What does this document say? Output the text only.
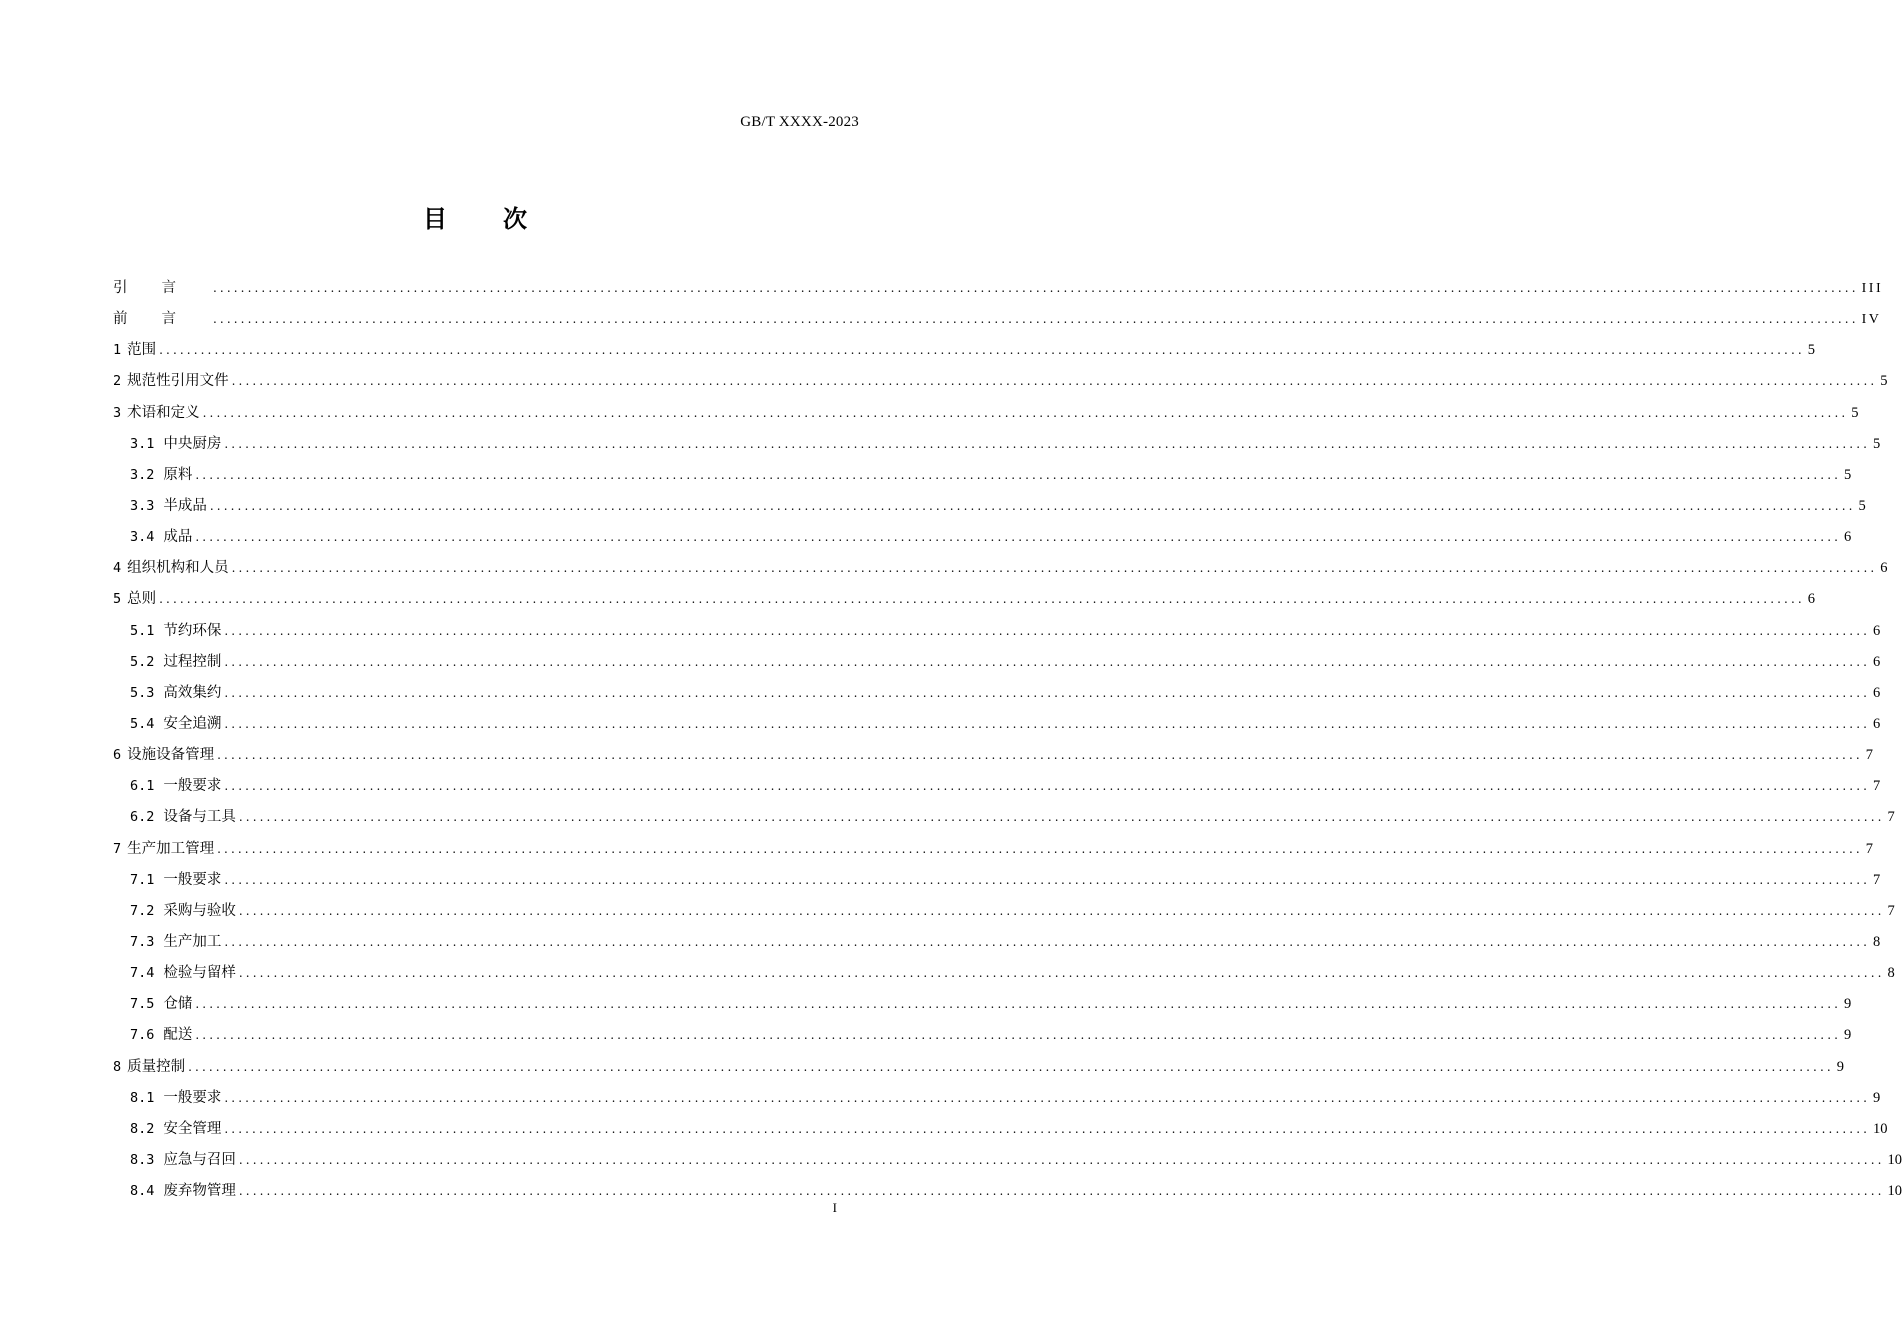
GB/T XXXX-2023
目 次
引言 .............................................................................................................................................................................................................................................. III
前言 .............................................................................................................................................................................................................................................. IV
1 范围 .............................................................................................................................................................................................................................................. 5
2 规范性引用文件 .............................................................................................................................................................................................................................................. 5
3 术语和定义 .............................................................................................................................................................................................................................................. 5
3.1 中央厨房 .............................................................................................................................................................................................................................................. 5
3.2 原料 .............................................................................................................................................................................................................................................. 5
3.3 半成品 .............................................................................................................................................................................................................................................. 5
3.4 成品 .............................................................................................................................................................................................................................................. 6
4 组织机构和人员 .............................................................................................................................................................................................................................................. 6
5 总则 .............................................................................................................................................................................................................................................. 6
5.1 节约环保 .............................................................................................................................................................................................................................................. 6
5.2 过程控制 .............................................................................................................................................................................................................................................. 6
5.3 高效集约 .............................................................................................................................................................................................................................................. 6
5.4 安全追溯 .............................................................................................................................................................................................................................................. 6
6 设施设备管理 .............................................................................................................................................................................................................................................. 7
6.1 一般要求 .............................................................................................................................................................................................................................................. 7
6.2 设备与工具 .............................................................................................................................................................................................................................................. 7
7 生产加工管理 .............................................................................................................................................................................................................................................. 7
7.1 一般要求 .............................................................................................................................................................................................................................................. 7
7.2 采购与验收 .............................................................................................................................................................................................................................................. 7
7.3 生产加工 .............................................................................................................................................................................................................................................. 8
7.4 检验与留样 .............................................................................................................................................................................................................................................. 8
7.5 仓储 .............................................................................................................................................................................................................................................. 9
7.6 配送 .............................................................................................................................................................................................................................................. 9
8 质量控制 .............................................................................................................................................................................................................................................. 9
8.1 一般要求 .............................................................................................................................................................................................................................................. 9
8.2 安全管理 .............................................................................................................................................................................................................................................. 10
8.3 应急与召回 .............................................................................................................................................................................................................................................. 10
8.4 废弃物管理 .............................................................................................................................................................................................................................................. 10
I
